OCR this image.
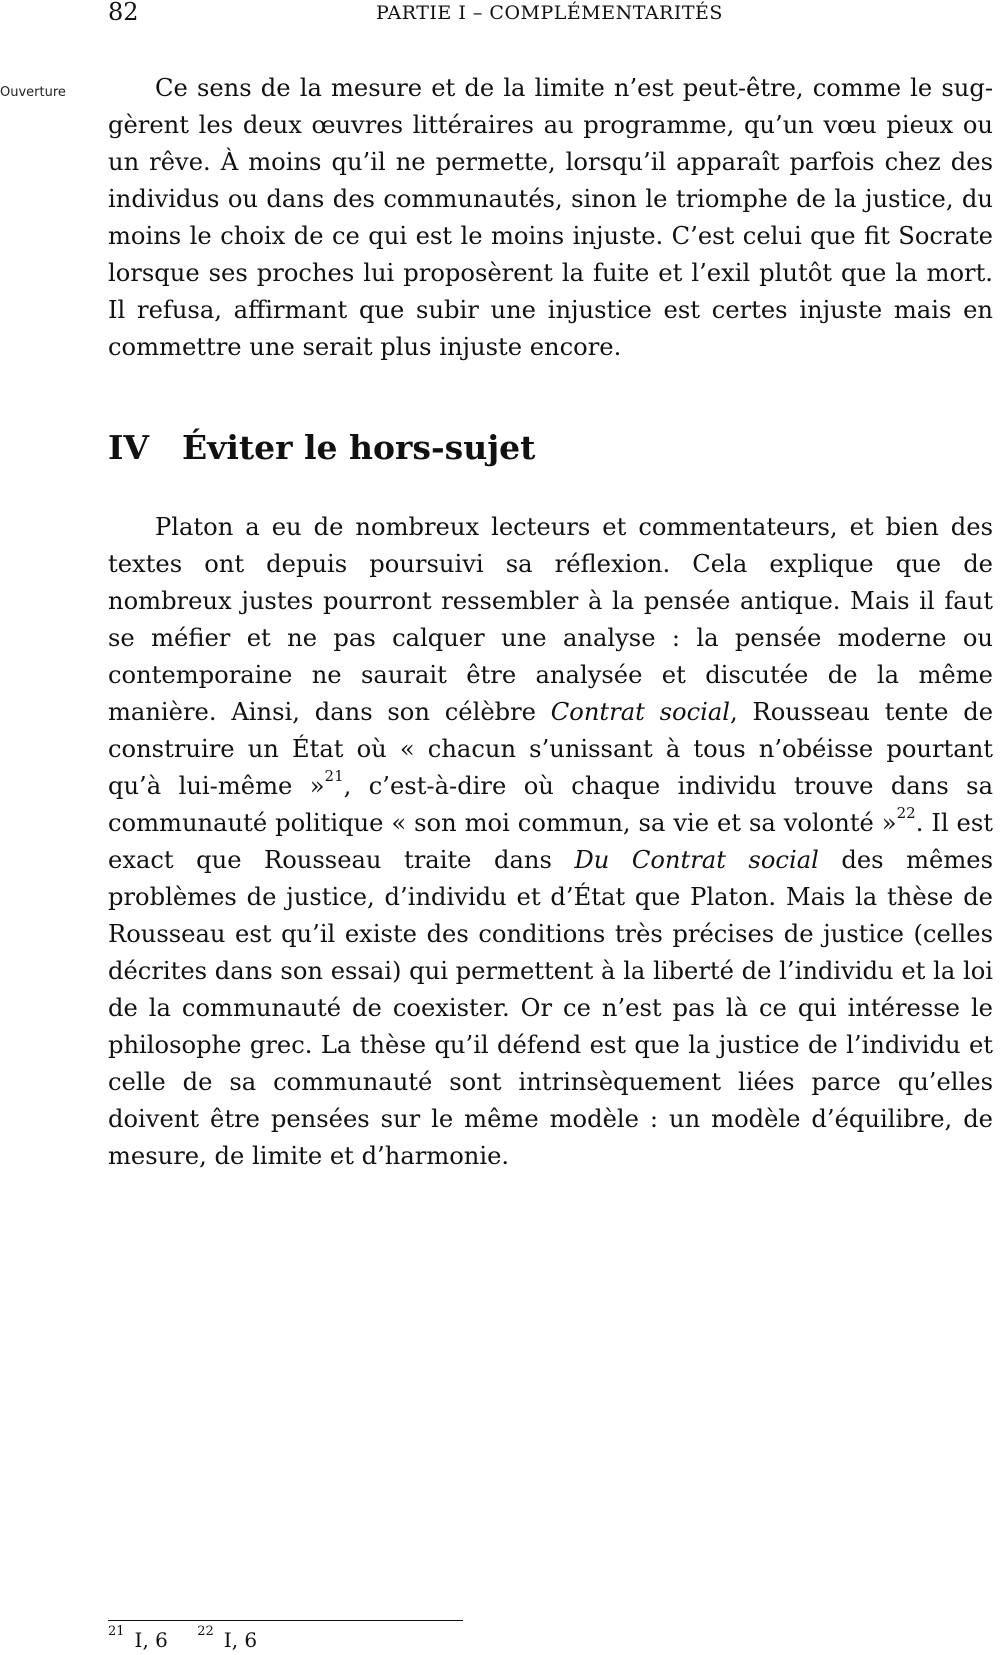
82	PARTIE I – COMPLÉMENTARITÉS
Ouverture	Ce sens de la mesure et de la limite n’est peut-être, comme le suggèrent les deux œuvres littéraires au programme, qu’un vœu pieux ou un rêve. À moins qu’il ne permette, lorsqu’il apparaît parfois chez des individus ou dans des communautés, sinon le triomphe de la justice, du moins le choix de ce qui est le moins injuste. C’est celui que fit Socrate lorsque ses proches lui proposèrent la fuite et l’exil plutôt que la mort. Il refusa, affirmant que subir une injustice est certes injuste mais en commettre une serait plus injuste encore.

IV Éviter le hors-sujet

Platon a eu de nombreux lecteurs et commentateurs, et bien des textes ont depuis poursuivi sa réflexion. Cela explique que de nombreux justes pourront ressembler à la pensée antique. Mais il faut se méfier et ne pas calquer une analyse : la pensée moderne ou contemporaine ne saurait être analysée et discutée de la même manière. Ainsi, dans son célèbre Contrat social, Rousseau tente de construire un État où « chacun s’unissant à tous n’obéisse pourtant qu’à lui-même »$^{21}$, c’est-à-dire où chaque individu trouve dans sa communauté politique « son moi commun, sa vie et sa volonté »$^{22}$. Il est exact que Rousseau traite dans Du Contrat social des mêmes problèmes de justice, d’individu et d’État que Platon. Mais la thèse de Rousseau est qu’il existe des conditions très précises de justice (celles décrites dans son essai) qui permettent à la liberté de l’individu et la loi de la communauté de coexister. Or ce n’est pas là ce qui intéresse le philosophe grec. La thèse qu’il défend est que la justice de l’individu et celle de sa communauté sont intrinsèquement liées parce qu’elles doivent être pensées sur le même modèle : un modèle d’équilibre, de mesure, de limite et d’harmonie.

$^{21}$ I, 6 $^{22}$ I, 6
